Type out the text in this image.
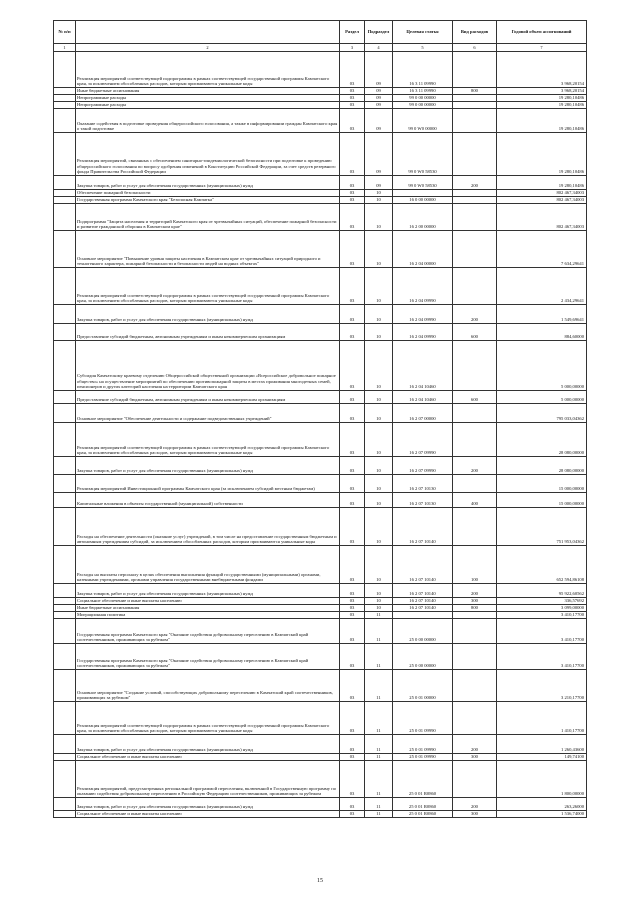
№ п/п		Раздел	Подраздел	Целевая статья	Вид расходов	Годовой объем ассигнований
1	2	3	4	5	6	7
	Реализация мероприятий соответствующей подпрограммы в рамках соответствующей государственной программы Камчатского края, за исключением обособленных расходов, которым присваиваются уникальные коды	03	09	16 3 11 09990		3 968,20154
	Иные бюджетные ассигнования	03	09	16 3 11 09990	800	3 968,20154
	Непрограммные расходы	03	09	99 0 00 00000		19 280,10486
	Непрограммные расходы	03	09	99 0 00 00000		19 280,10486
	Оказание содействия в подготовке проведения общероссийского голосования, а также в информировании граждан Камчатского края о такой подготовке	03	09	99 0 W0 00000		19 280,10486
	Реализация мероприятий, связанных с обеспечением санитарно-эпидемиологической безопасности при подготовке к проведению общероссийского голосования по вопросу одобрения изменений в Конституцию Российской Федерации, за счет средств резервного фонда Правительства Российской Федерации	03	09	99 0 W0 58530		19 280,10486
	Закупка товаров, работ и услуг для обеспечения государственных (муниципальных) нужд	03	09	99 0 W0 58530	200	19 280,10486
	Обеспечение пожарной безопасности	03	10			802 467,34003
	Государственная программа Камчатского края "Безопасная Камчатка"	03	10	16 0 00 00000		802 467,34003
	Подпрограмма "Защита населения и территорий Камчатского края от чрезвычайных ситуаций, обеспечение пожарной безопасности и развитие гражданской обороны в Камчатском крае"	03	10	16 2 00 00000		802 467,34003
	Основное мероприятие "Повышение уровня защиты населения в Камчатском крае от чрезвычайных ситуаций природного и техногенного характера, пожарной безопасности и безопасности людей на водных объектах"	03	10	16 2 04 00000		7 634,29641
	Реализация мероприятий соответствующей подпрограммы в рамках соответствующей государственной программы Камчатского края, за исключением обособленных расходов, которым присваиваются уникальные коды	03	10	16 2 04 09990		2 434,29641
	Закупка товаров, работ и услуг для обеспечения государственных (муниципальных) нужд	03	10	16 2 04 09990	200	1 549,69641
	Предоставление субсидий бюджетным, автономным учреждениям и иным некоммерческим организациям	03	10	16 2 04 09990	600	884,60000
	Субсидия Камчатскому краевому отделению Общероссийской общественной организации «Всероссийское добровольное пожарное общество» на осуществление мероприятий по обеспечению противопожарной защиты в местах проживания многодетных семей, пенсионеров и других категорий населения на территории Камчатского края	03	10	16 2 04 10460		5 000,00000
	Предоставление субсидий бюджетным, автономным учреждениям и иным некоммерческим организациям	03	10	16 2 04 10460	600	5 000,00000
	Основное мероприятие "Обеспечение деятельности и содержание подведомственных учреждений"	03	10	16 2 07 00000		795 033,04362
	Реализация мероприятий соответствующей подпрограммы в рамках соответствующей государственной программы Камчатского края, за исключением обособленных расходов, которым присваиваются уникальные коды	03	10	16 2 07 09990		28 080,00000
	Закупка товаров, работ и услуг для обеспечения государственных (муниципальных) нужд	03	10	16 2 07 09990	200	28 080,00000
	Реализация мероприятий Инвестиционной программы Камчатского края (за исключением субсидий местным бюджетам)	03	10	16 2 07 10130		15 000,00000
	Капитальные вложения в объекты государственной (муниципальной) собственности	03	10	16 2 07 10130	400	15 000,00000
	Расходы на обеспечение деятельности (оказание услуг) учреждений, в том числе на предоставление государственным бюджетным и автономным учреждениям субсидий, за исключением обособленных расходов, которым присваиваются уникальные коды	03	10	16 2 07 10140		751 953,04362
	Расходы на выплаты персоналу в целях обеспечения выполнения функций государственными (муниципальными) органами, казенными учреждениями, органами управления государственными внебюджетными фондами	03	10	16 2 07 10140	100	652 594,86108
	Закупка товаров, работ и услуг для обеспечения государственных (муниципальных) нужд	03	10	16 2 07 10140	200	95 922,60562
	Социальное обеспечение и иные выплаты населению	03	10	16 2 07 10140	300	336,57692
	Иные бюджетные ассигнования	03	10	16 2 07 10140	800	3 099,00000
	Миграционная политика	03	11			3 410,17700
	Государственная программа Камчатского края "Оказание содействия добровольному переселению в Камчатский край соотечественников, проживающих за рубежом"	03	11	25 0 00 00000		3 410,17700
	Государственная программа Камчатского края "Оказание содействия добровольному переселению в Камчатский край соотечественников, проживающих за рубежом"	03	11	25 0 00 00000		3 410,17700
	Основное мероприятие "Создание условий, способствующих добровольному переселению в Камчатский край соотечественников, проживающих за рубежом"	03	11	25 0 01 00000		3 210,17700
	Реализация мероприятий соответствующей подпрограммы в рамках соответствующей государственной программы Камчатского края, за исключением обособленных расходов, которым присваиваются уникальные коды	03	11	25 0 01 09990		1 410,17700
	Закупка товаров, работ и услуг для обеспечения государственных (муниципальных) нужд	03	11	25 0 01 09990	200	1 260,43600
	Социальное обеспечение и иные выплаты населению	03	11	25 0 01 09990	300	149,74100
	Реализация мероприятий, предусмотренных региональной программой переселения, включенной в Государственную программу по оказанию содействия добровольному переселению в Российскую Федерацию соотечественников, проживающих за рубежом	03	11	25 0 01 R0860		1 800,00000
	Закупка товаров, работ и услуг для обеспечения государственных (муниципальных) нужд	03	11	25 0 01 R0860	200	263,26000
	Социальное обеспечение и иные выплаты населению	03	11	25 0 01 R0860	300	1 536,74000
15
